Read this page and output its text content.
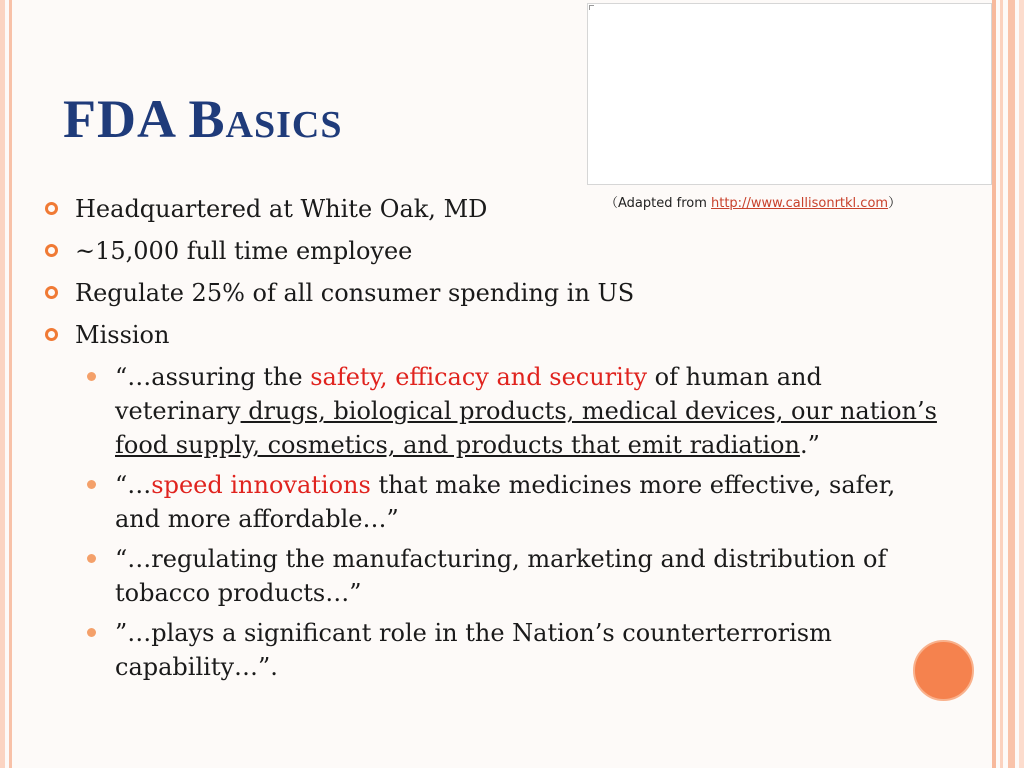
FDA Basics
（Adapted from http://www.callisonrtkl.com）
Headquartered at White Oak, MD
~15,000 full time employee
Regulate 25% of all consumer spending in US
Mission
“…assuring the safety, efficacy and security of human and veterinary drugs, biological products, medical devices, our nation’s food supply, cosmetics, and products that emit radiation.”
“…speed innovations that make medicines more effective, safer, and more affordable…”
“…regulating the manufacturing, marketing and distribution of tobacco products…”
”…plays a significant role in the Nation’s counterterrorism capability…”.
